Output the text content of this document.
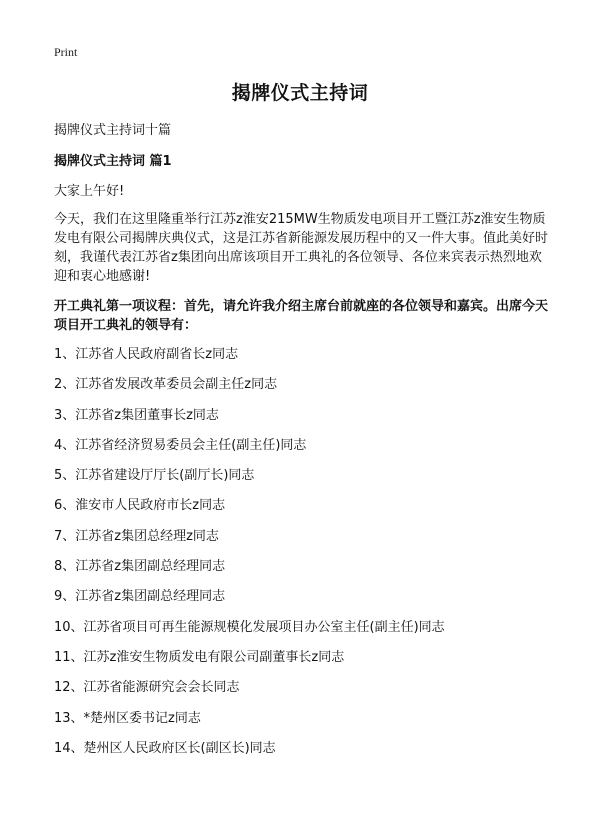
Print
揭牌仪式主持词
揭牌仪式主持词十篇
揭牌仪式主持词 篇1
大家上午好!
今天，我们在这里隆重举行江苏z淮安215MW生物质发电项目开工暨江苏z淮安生物质发电有限公司揭牌庆典仪式，这是江苏省新能源发展历程中的又一件大事。值此美好时刻，我谨代表江苏省z集团向出席该项目开工典礼的各位领导、各位来宾表示热烈地欢迎和衷心地感谢!
开工典礼第一项议程：首先，请允许我介绍主席台前就座的各位领导和嘉宾。出席今天项目开工典礼的领导有：
1、江苏省人民政府副省长z同志
2、江苏省发展改革委员会副主任z同志
3、江苏省z集团董事长z同志
4、江苏省经济贸易委员会主任(副主任)同志
5、江苏省建设厅厅长(副厅长)同志
6、淮安市人民政府市长z同志
7、江苏省z集团总经理z同志
8、江苏省z集团副总经理同志
9、江苏省z集团副总经理同志
10、江苏省项目可再生能源规模化发展项目办公室主任(副主任)同志
11、江苏z淮安生物质发电有限公司副董事长z同志
12、江苏省能源研究会会长同志
13、*楚州区委书记z同志
14、楚州区人民政府区长(副区长)同志
